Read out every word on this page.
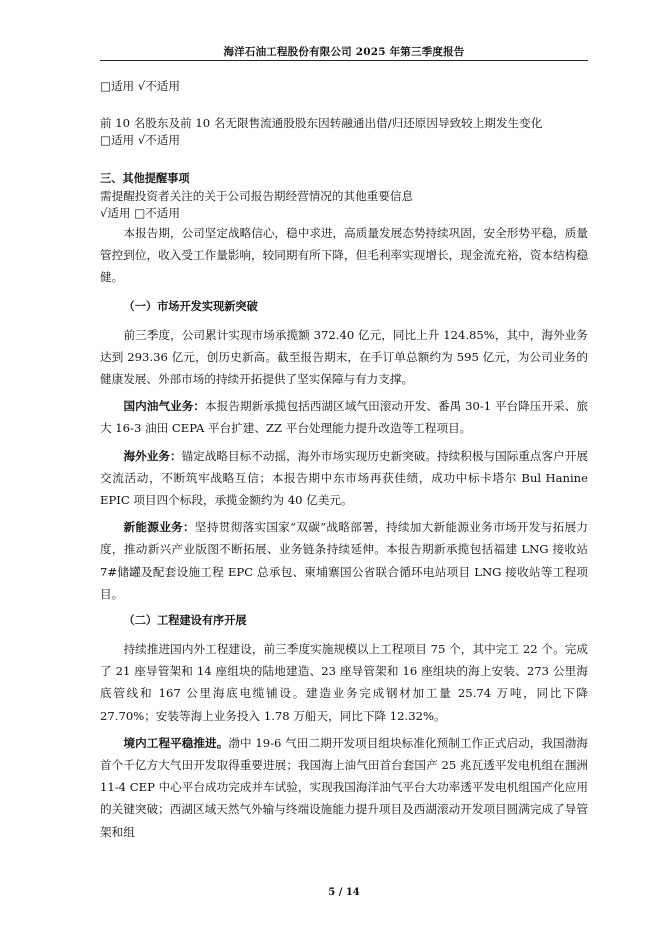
海洋石油工程股份有限公司 2025 年第三季度报告

□适用 √不适用

前 10 名股东及前 10 名无限售流通股股东因转融通出借/归还原因导致较上期发生变化

□适用 √不适用

三、其他提醒事项

需提醒投资者关注的关于公司报告期经营情况的其他重要信息

√适用 □不适用

本报告期，公司坚定战略信心，稳中求进，高质量发展态势持续巩固，安全形势平稳，质量管控到位，收入受工作量影响，较同期有所下降，但毛利率实现增长，现金流充裕，资本结构稳健。

（一）市场开发实现新突破

前三季度，公司累计实现市场承揽额 372.40 亿元，同比上升 124.85%，其中，海外业务达到 293.36 亿元，创历史新高。截至报告期末，在手订单总额约为 595 亿元，为公司业务的健康发展、外部市场的持续开拓提供了坚实保障与有力支撑。

国内油气业务：本报告期新承揽包括西湖区域气田滚动开发、番禺 30-1 平台降压开采、旅大 16-3 油田 CEPA 平台扩建、ZZ 平台处理能力提升改造等工程项目。

海外业务：锚定战略目标不动摇，海外市场实现历史新突破。持续积极与国际重点客户开展交流活动，不断筑牢战略互信；本报告期中东市场再获佳绩，成功中标卡塔尔 Bul Hanine EPIC 项目四个标段，承揽金额约为 40 亿美元。

新能源业务：坚持贯彻落实国家“双碳”战略部署，持续加大新能源业务市场开发与拓展力度，推动新兴产业版图不断拓展、业务链条持续延伸。本报告期新承揽包括福建 LNG 接收站 7#储罐及配套设施工程 EPC 总承包、柬埔寨国公省联合循环电站项目 LNG 接收站等工程项目。

（二）工程建设有序开展

持续推进国内外工程建设，前三季度实施规模以上工程项目 75 个，其中完工 22 个。完成了 21 座导管架和 14 座组块的陆地建造、23 座导管架和 16 座组块的海上安装、273 公里海底管线和 167 公里海底电缆铺设。建造业务完成钢材加工量 25.74 万吨，同比下降 27.70%；安装等海上业务投入 1.78 万船天，同比下降 12.32%。

境内工程平稳推进。渤中 19-6 气田二期开发项目组块标准化预制工作正式启动，我国渤海首个千亿方大气田开发取得重要进展；我国海上油气田首台套国产 25 兆瓦透平发电机组在涠洲 11-4 CEP 中心平台成功完成并车试验，实现我国海洋油气平台大功率透平发电机组国产化应用的关键突破；西湖区域天然气外输与终端设施能力提升项目及西湖滚动开发项目圆满完成了导管架和组

5 / 14
